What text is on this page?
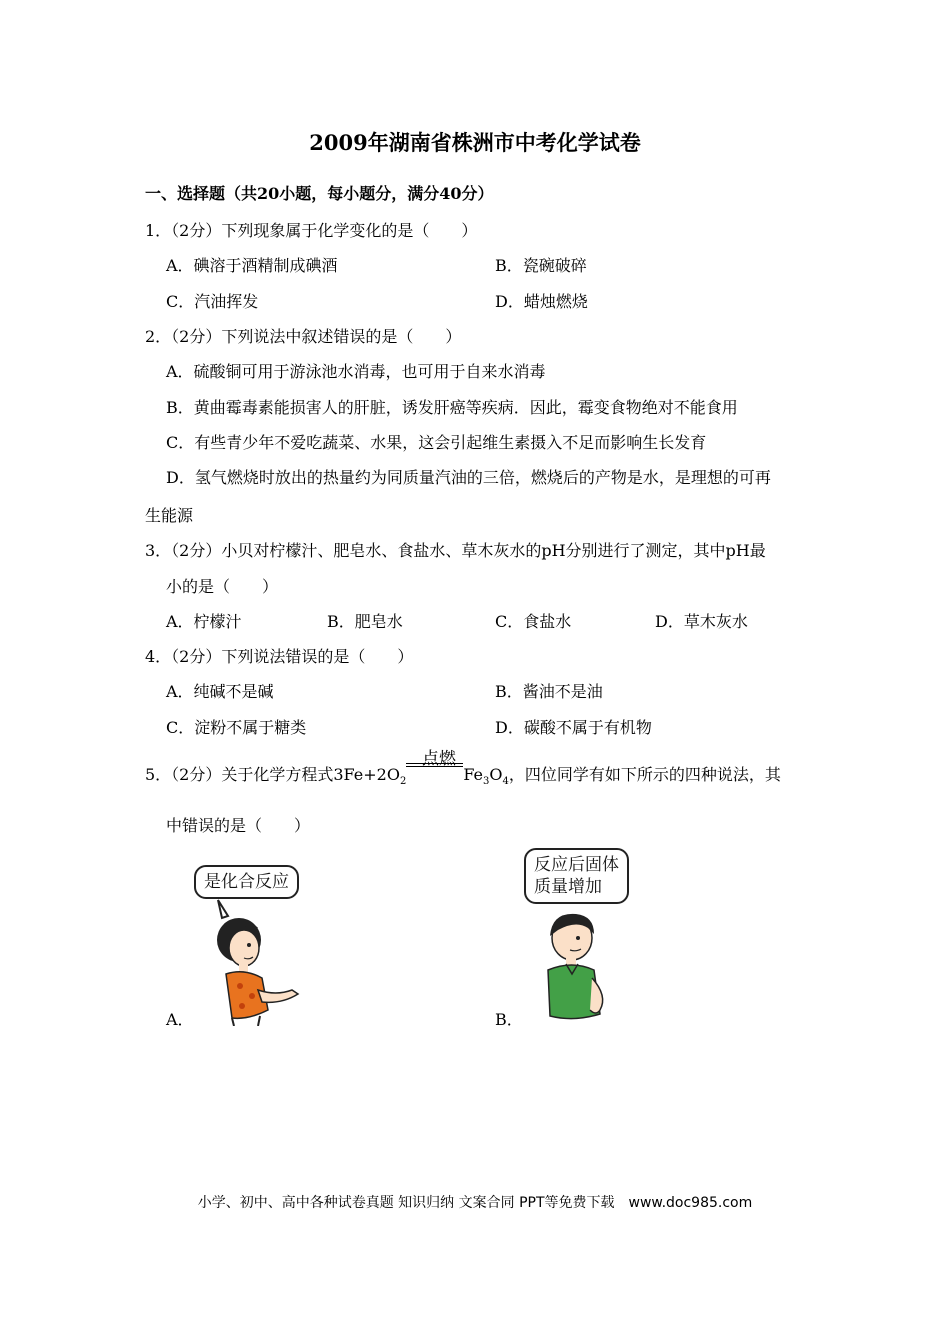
2009年湖南省株洲市中考化学试卷
一、选择题（共20小题，每小题分，满分40分）
1．（2分）下列现象属于化学变化的是（　　）
A．碘溶于酒精制成碘酒	B．瓷碗破碎
C．汽油挥发	D．蜡烛燃烧
2．（2分）下列说法中叙述错误的是（　　）
A．硫酸铜可用于游泳池水消毒，也可用于自来水消毒
B．黄曲霉毒素能损害人的肝脏，诱发肝癌等疾病．因此，霉变食物绝对不能食用
C．有些青少年不爱吃蔬菜、水果，这会引起维生素摄入不足而影响生长发育
D．氢气燃烧时放出的热量约为同质量汽油的三倍，燃烧后的产物是水，是理想的可再
生能源
3．（2分）小贝对柠檬汁、肥皂水、食盐水、草木灰水的pH分别进行了测定，其中pH最
小的是（　　）
A．柠檬汁	B．肥皂水	C．食盐水	D．草木灰水
4．（2分）下列说法错误的是（　　）
A．纯碱不是碱	B．酱油不是油
C．淀粉不属于糖类	D．碳酸不属于有机物
5．（2分）关于化学方程式$3Fe+2O_2$	$Fe_3O_4$，四位同学有如下所示的四种说法，其
点燃
中错误的是（　　）
是化合反应
A．
反应后固体
质量增加
B．
小学、初中、高中各种试卷真题 知识归纳 文案合同 PPT等免费下载　www.doc985.com
